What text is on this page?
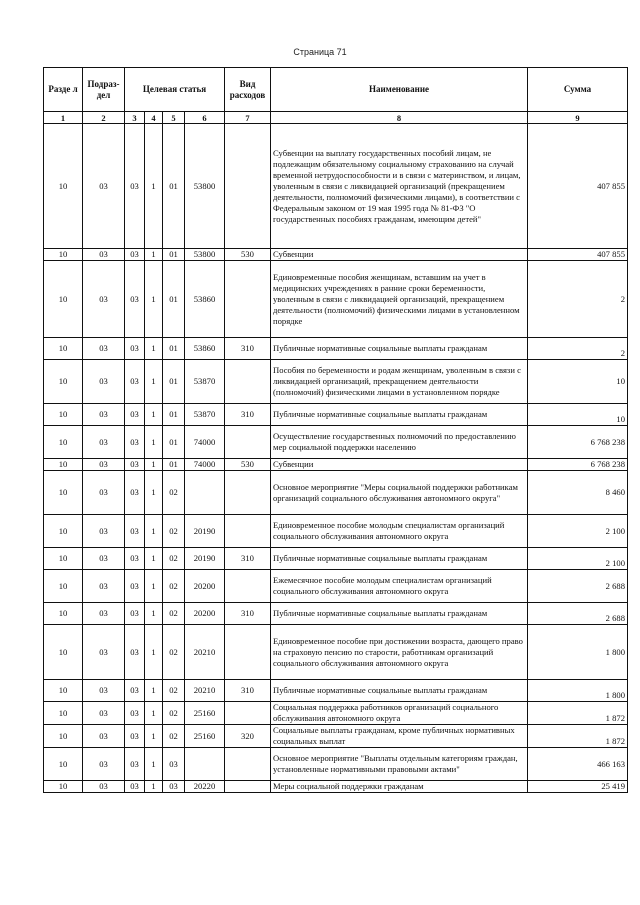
Страница 71
Разде л	Подраз- дел	Целевая статья				Вид расходов	Наименование	Сумма
1	2	3	4	5	6	7	8	9
10	03	03	1	01	53800		Субвенции на выплату государственных пособий лицам, не подлежащим обязательному социальному страхованию на случай временной нетрудоспособности и в связи с материнством, и лицам, уволенным в связи с ликвидацией организаций (прекращением деятельности, полномочий физическими лицами), в соответствии с Федеральным законом от 19 мая 1995 года № 81-ФЗ "О государственных пособиях гражданам, имеющим детей"	407 855
10	03	03	1	01	53800	530	Субвенции	407 855
10	03	03	1	01	53860		Единовременные пособия женщинам, вставшим на учет в медицинских учреждениях в ранние сроки беременности, уволенным в связи с ликвидацией организаций, прекращением деятельности (полномочий) физическими лицами в установленном порядке	2
10	03	03	1	01	53860	310	Публичные нормативные социальные выплаты гражданам	2
10	03	03	1	01	53870		Пособия по беременности и родам женщинам, уволенным в связи с ликвидацией организаций, прекращением деятельности (полномочий) физическими лицами в установленном порядке	10
10	03	03	1	01	53870	310	Публичные нормативные социальные выплаты гражданам	10
10	03	03	1	01	74000		Осуществление государственных полномочий по предоставлению мер социальной поддержки населению	6 768 238
10	03	03	1	01	74000	530	Субвенции	6 768 238
10	03	03	1	02			Основное мероприятие "Меры социальной поддержки работникам организаций социального обслуживания автономного округа"	8 460
10	03	03	1	02	20190		Единовременное пособие молодым специалистам организаций социального обслуживания автономного округа	2 100
10	03	03	1	02	20190	310	Публичные нормативные социальные выплаты гражданам	2 100
10	03	03	1	02	20200		Ежемесячное пособие молодым специалистам организаций социального обслуживания автономного округа	2 688
10	03	03	1	02	20200	310	Публичные нормативные социальные выплаты гражданам	2 688
10	03	03	1	02	20210		Единовременное пособие при достижении возраста, дающего право на страховую пенсию по старости, работникам организаций социального обслуживания автономного округа	1 800
10	03	03	1	02	20210	310	Публичные нормативные социальные выплаты гражданам	1 800
10	03	03	1	02	25160		Социальная поддержка работников организаций социального обслуживания автономного округа	1 872
10	03	03	1	02	25160	320	Социальные выплаты гражданам, кроме публичных нормативных социальных выплат	1 872
10	03	03	1	03			Основное мероприятие "Выплаты отдельным категориям граждан, установленные нормативными правовыми актами"	466 163
10	03	03	1	03	20220		Меры социальной поддержки гражданам	25 419
